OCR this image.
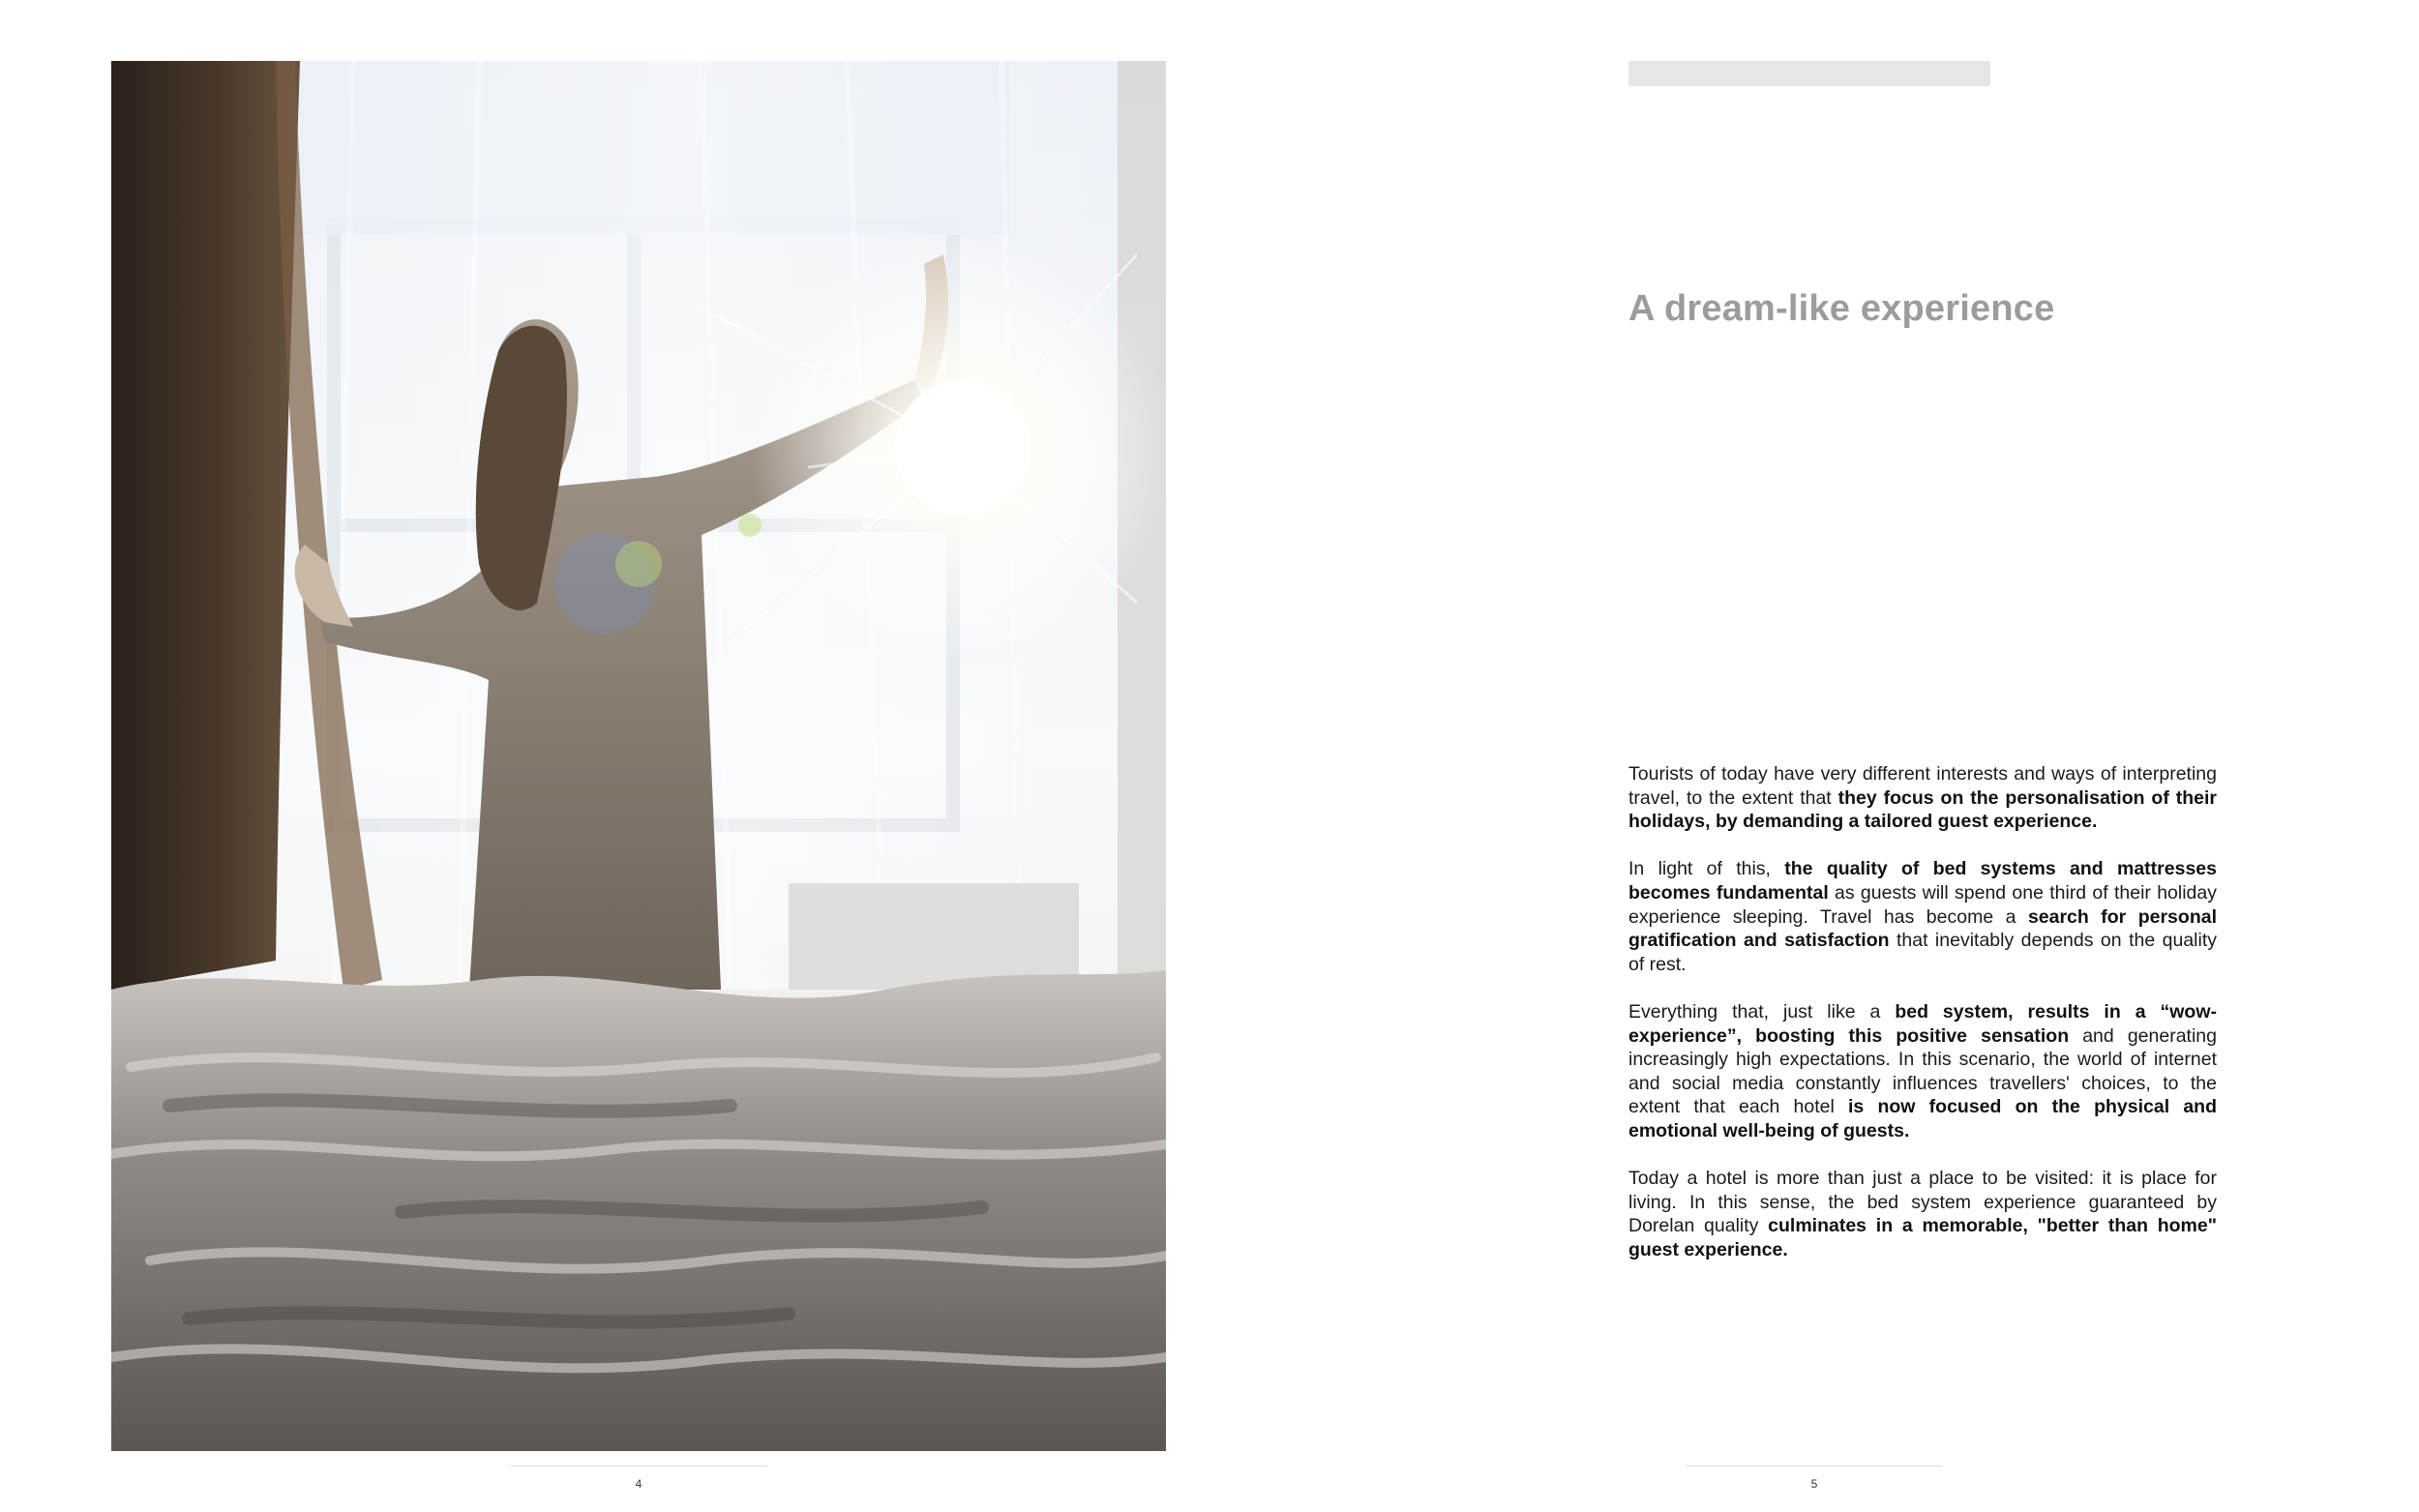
4
A dream-like experience

Tourists of today have very different interests and ways of interpreting travel, to the extent that they focus on the personalisation of their holidays, by demanding a tailored guest experience.

In light of this, the quality of bed systems and mattresses becomes fundamental as guests will spend one third of their holiday experience sleeping. Travel has become a search for personal gratification and satisfaction that inevitably depends on the quality of rest.

Everything that, just like a bed system, results in a “wow-experience”, boosting this positive sensation and generating increasingly high expectations. In this scenario, the world of internet and social media constantly influences travellers' choices, to the extent that each hotel is now focused on the physical and emotional well-being of guests.

Today a hotel is more than just a place to be visited: it is place for living. In this sense, the bed system experience guaranteed by Dorelan quality culminates in a memorable, "better than home" guest experience.

5
